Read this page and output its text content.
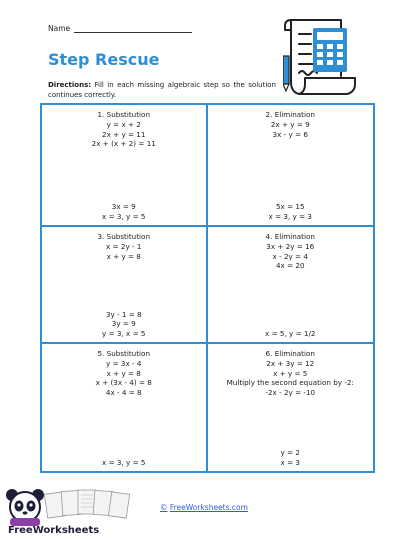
Name
Step Rescue
Directions: Fill in each missing algebraic step so the solution continues correctly.
1. Substitution
y = x + 2
2x + y = 11
2x + (x + 2) = 11
3x = 9
x = 3, y = 5
2. Elimination
2x + y = 9
3x - y = 6
5x = 15
x = 3, y = 3
3. Substitution
x = 2y - 1
x + y = 8
3y - 1 = 8
3y = 9
y = 3, x = 5
4. Elimination
3x + 2y = 16
x - 2y = 4
4x = 20
x = 5, y = 1/2
5. Substitution
y = 3x - 4
x + y = 8
x + (3x - 4) = 8
4x - 4 = 8
x = 3, y = 5
6. Elimination
2x + 3y = 12
x + y = 5
Multiply the second equation by -2:
-2x - 2y = -10
y = 2
x = 3
FreeWorksheets
© FreeWorksheets.com
